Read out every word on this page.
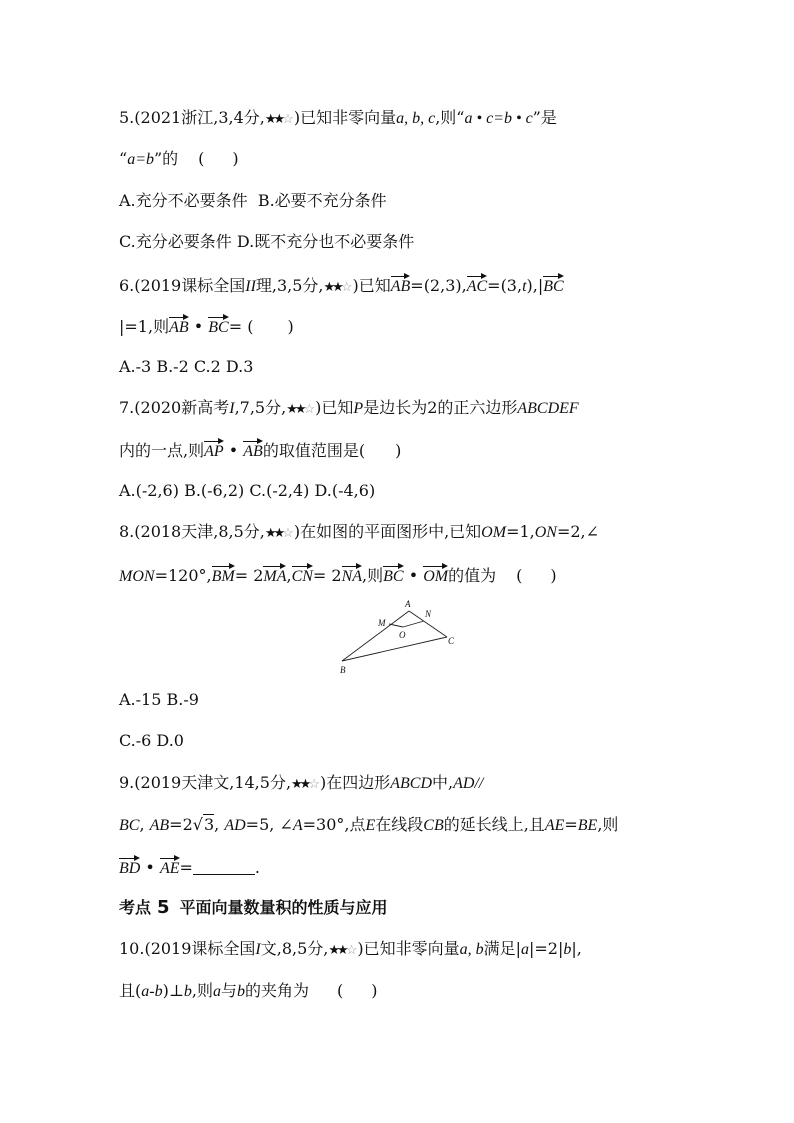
5.(2021浙江,3,4分,★★☆ )已知非零向量a, b, c,则“a • c=b • c”是
“a=b”的 ( )
A.充分不必要条件 B.必要不充分条件
C.充分必要条件 D.既不充分也不必要条件
6.(2019课标全国II理,3,5分,★★☆ )已知AB=(2,3),AC=(3,t),|BC
|=1,则AB • BC= ( )
A.-3 B.-2 C.2 D.3
7.(2020新高考I,7,5分,★★☆ )已知P是边长为2的正六边形ABCDEF
内的一点,则AP • AB的取值范围是( )
A.(-2,6) B.(-6,2) C.(-2,4) D.(-4,6)
8.(2018天津,8,5分,★★☆ )在如图的平面图形中,已知OM=1,ON=2,∠
MON=120°,BM= 2MA,CN= 2NA,则BC • OM的值为 ( )
A
N
M
O
C
B
A.-15 B.-9
C.-6 D.0
9.(2019天津文,14,5分,★★☆ )在四边形ABCD中,AD//
BC, AB=2√3, AD=5, ∠A=30°,点E在线段CB的延长线上,且AE=BE,则
BD • AE=	.
考点 5 平面向量数量积的性质与应用
10.(2019课标全国I文,8,5分,★★☆ )已知非零向量a, b满足|a|=2|b|,
且(a-b)⊥b,则a与b的夹角为 ( )
